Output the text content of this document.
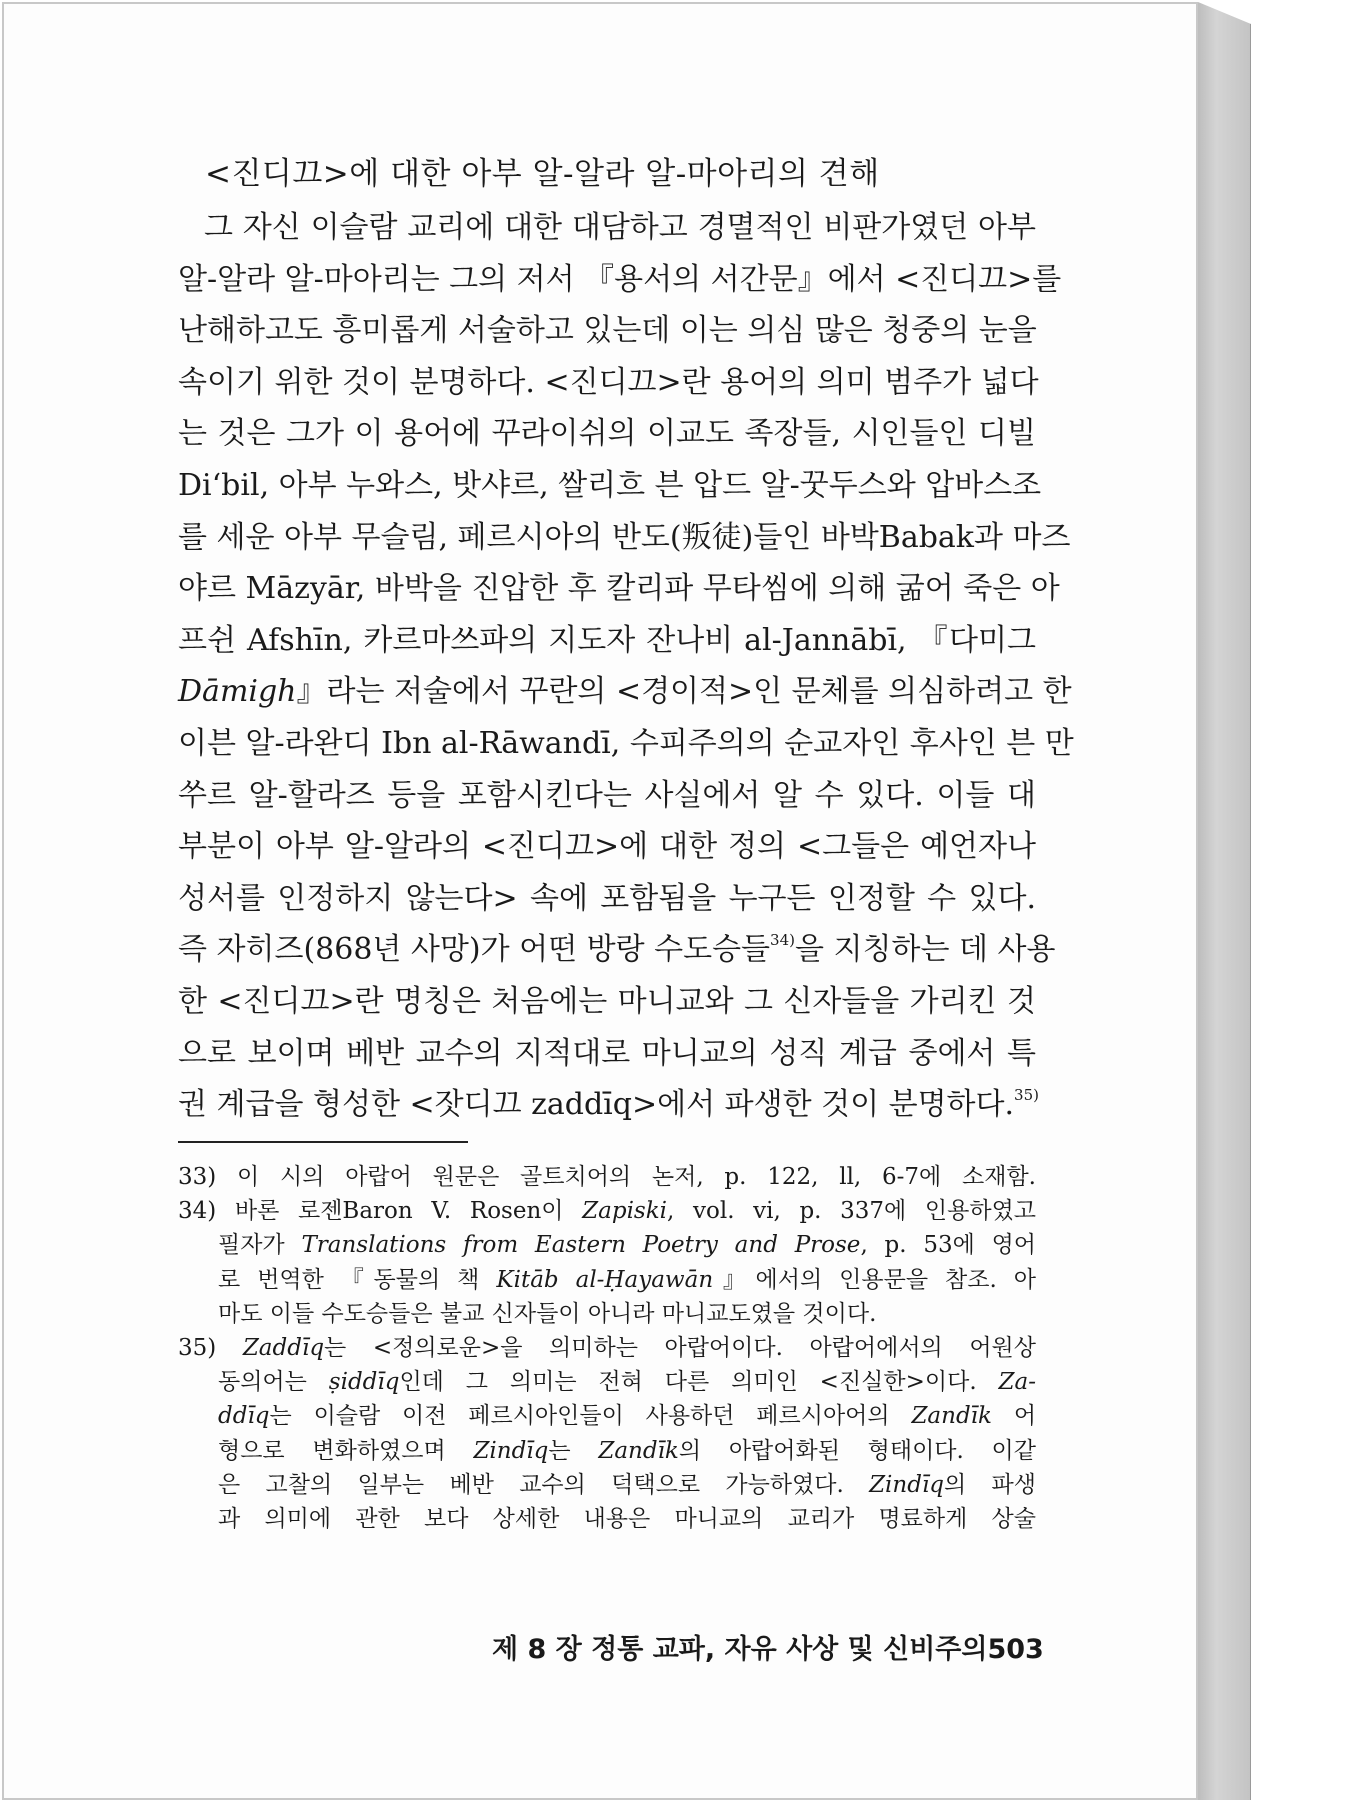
<진디끄>에 대한 아부 알-알라 알-마아리의 견해
그 자신 이슬람 교리에 대한 대담하고 경멸적인 비판가였던 아부
알-알라 알-마아리는 그의 저서 『용서의 서간문』에서 <진디끄>를
난해하고도 흥미롭게 서술하고 있는데 이는 의심 많은 청중의 눈을
속이기 위한 것이 분명하다. <진디끄>란 용어의 의미 범주가 넓다
는 것은 그가 이 용어에 꾸라이쉬의 이교도 족장들, 시인들인 디빌
Di‘bil, 아부 누와스, 밧샤르, 쌀리흐 븐 압드 알-꿋두스와 압바스조
를 세운 아부 무슬림, 페르시아의 반도(叛徒)들인 바박Babak과 마즈
야르 Māzyār, 바박을 진압한 후 칼리파 무타씸에 의해 굶어 죽은 아
프쉰 Afshīn, 카르마쓰파의 지도자 잔나비 al-Jannābī, 『다미그
Dāmigh』라는 저술에서 꾸란의 <경이적>인 문체를 의심하려고 한
이븐 알-라완디 Ibn al-Rāwandī, 수피주의의 순교자인 후사인 븐 만
쑤르 알-할라즈 등을 포함시킨다는 사실에서 알 수 있다. 이들 대
부분이 아부 알-알라의 <진디끄>에 대한 정의 <그들은 예언자나
성서를 인정하지 않는다> 속에 포함됨을 누구든 인정할 수 있다.
즉 자히즈(868년 사망)가 어떤 방랑 수도승들$^{34)}$을 지칭하는 데 사용
한 <진디끄>란 명칭은 처음에는 마니교와 그 신자들을 가리킨 것
으로 보이며 베반 교수의 지적대로 마니교의 성직 계급 중에서 특
권 계급을 형성한 <잣디끄 zaddīq>에서 파생한 것이 분명하다.$^{35)}$
33) 이 시의 아랍어 원문은 골트치어의 논저, p. 122, ll, 6-7에 소재함.
34) 바론 로젠Baron V. Rosen이 Zapiski, vol. vi, p. 337에 인용하였고
필자가 Translations from Eastern Poetry and Prose, p. 53에 영어
로 번역한 『동물의 책 Kitāb al-Ḥayawān』에서의 인용문을 참조. 아
마도 이들 수도승들은 불교 신자들이 아니라 마니교도였을 것이다.
35) Zaddīq는 <정의로운>을 의미하는 아랍어이다. 아랍어에서의 어원상
동의어는 ṣiddīq인데 그 의미는 전혀 다른 의미인 <진실한>이다. Za-
ddīq는 이슬람 이전 페르시아인들이 사용하던 페르시아어의 Zandīk 어
형으로 변화하였으며 Zindīq는 Zandīk의 아랍어화된 형태이다. 이같
은 고찰의 일부는 베반 교수의 덕택으로 가능하였다. Zindīq의 파생
과 의미에 관한 보다 상세한 내용은 마니교의 교리가 명료하게 상술
제 8 장 정통 교파, 자유 사상 및 신비주의 503
